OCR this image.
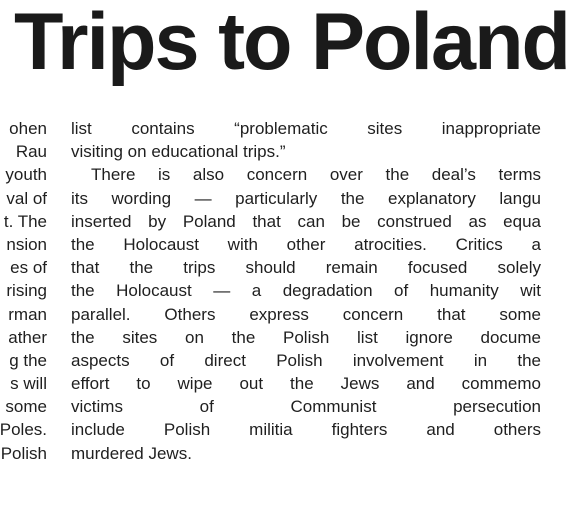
Trips to Poland
ohen
Rau
youth
val of
t. The
nsion
es of
rising
rman
ather
g the
s will
some
Poles.
Polish
list contains “problematic sites inappropriate
visiting on educational trips.”
There is also concern over the deal’s terms
its wording — particularly the explanatory langu
inserted by Poland that can be construed as equa
the Holocaust with other atrocities. Critics a
that the trips should remain focused solely
the Holocaust — a degradation of humanity wit
parallel. Others express concern that some
the sites on the Polish list ignore docume
aspects of direct Polish involvement in the
effort to wipe out the Jews and commemo
victims of Communist persecution
include Polish militia fighters and others
murdered Jews.
